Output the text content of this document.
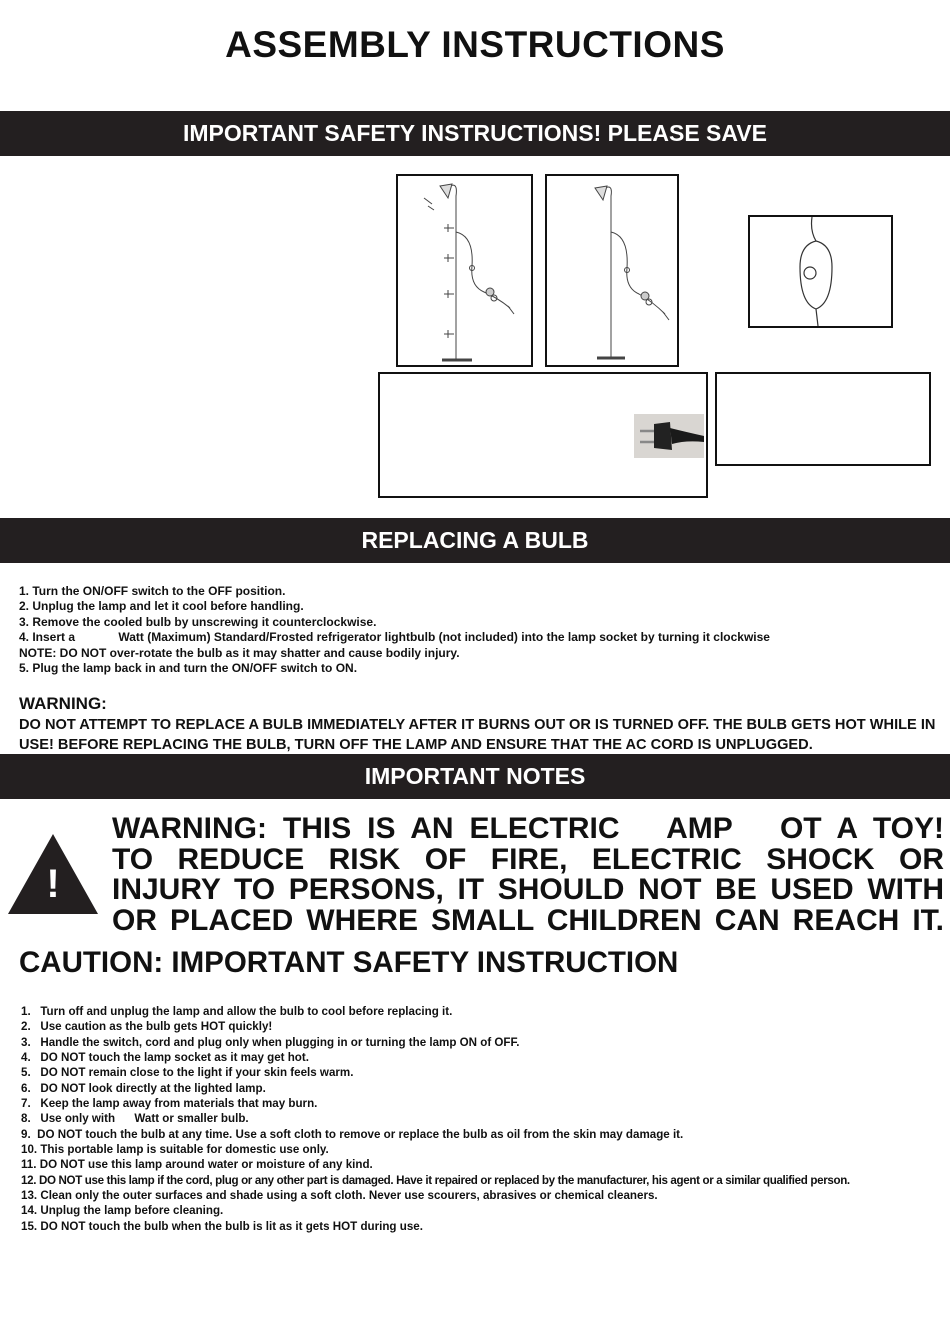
ASSEMBLY INSTRUCTIONS
IMPORTANT SAFETY INSTRUCTIONS! PLEASE SAVE
REPLACING A BULB
1. Turn the ON/OFF switch to the OFF position.
2. Unplug the lamp and let it cool before handling.
3. Remove the cooled bulb by unscrewing it counterclockwise.
4. Insert a             Watt (Maximum) Standard/Frosted refrigerator lightbulb (not included) into the lamp socket by turning it clockwise
NOTE: DO NOT over-rotate the bulb as it may shatter and cause bodily injury.
5. Plug the lamp back in and turn the ON/OFF switch to ON.
WARNING:
DO NOT ATTEMPT TO REPLACE A BULB IMMEDIATELY AFTER IT BURNS OUT OR IS TURNED OFF. THE BULB GETS HOT WHILE IN USE! BEFORE REPLACING THE BULB, TURN OFF THE LAMP AND ENSURE THAT THE AC CORD IS UNPLUGGED.
IMPORTANT NOTES
!
WARNING: THIS IS AN ELECTRIC   AMP   OT A TOY!
TO REDUCE RISK OF FIRE, ELECTRIC SHOCK OR
INJURY TO PERSONS, IT SHOULD NOT BE USED WITH
OR PLACED WHERE SMALL CHILDREN CAN REACH IT.
CAUTION: IMPORTANT SAFETY INSTRUCTION
1.   Turn off and unplug the lamp and allow the bulb to cool before replacing it.
2.   Use caution as the bulb gets HOT quickly!
3.   Handle the switch, cord and plug only when plugging in or turning the lamp ON of OFF.
4.   DO NOT touch the lamp socket as it may get hot.
5.   DO NOT remain close to the light if your skin feels warm.
6.   DO NOT look directly at the lighted lamp.
7.   Keep the lamp away from materials that may burn.
8.   Use only with      Watt or smaller bulb.
9.  DO NOT touch the bulb at any time. Use a soft cloth to remove or replace the bulb as oil from the skin may damage it.
10. This portable lamp is suitable for domestic use only.
11. DO NOT use this lamp around water or moisture of any kind.
12. DO NOT use this lamp if the cord, plug or any other part is damaged. Have it repaired or replaced by the manufacturer, his agent or a similar qualified person.
13. Clean only the outer surfaces and shade using a soft cloth. Never use scourers, abrasives or chemical cleaners.
14. Unplug the lamp before cleaning.
15. DO NOT touch the bulb when the bulb is lit as it gets HOT during use.
